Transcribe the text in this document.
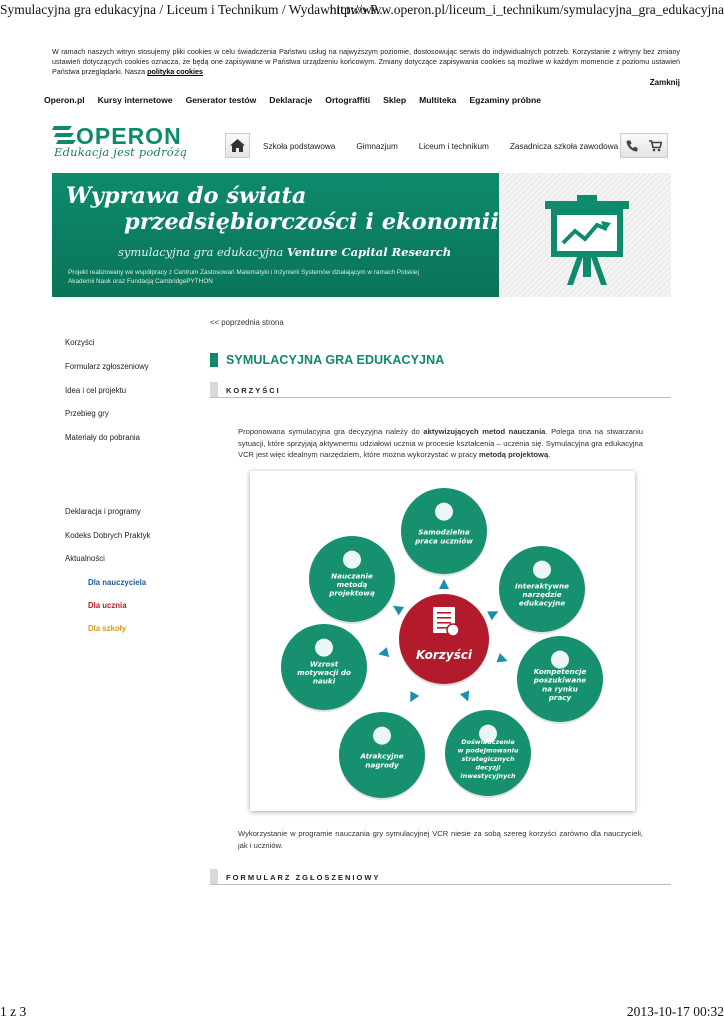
Symulacyjna gra edukacyjna / Liceum i Technikum / Wydawnictwo P...
http://www.operon.pl/liceum_i_technikum/symulacyjna_gra_edukacyjna
W ramach naszych witryn stosujemy pliki cookies w celu świadczenia Państwu usług na najwyższym poziomie, dostosowując serwis do indywidualnych potrzeb. Korzystanie z witryny bez zmiany ustawień dotyczących cookies oznacza, że będą one zapisywane w Państwa urządzeniu końcowym. Zmiany dotyczące zapisywania cookies są możliwe w każdym momencie z poziomu ustawień Państwa przeglądarki. Nasza polityka cookies
Zamknij
Operon.pl Kursy internetowe Generator testów Deklaracje Ortograffiti Sklep Multiteka Egzaminy próbne
OPERON
Edukacja jest podróżą	Szkoła podstawowa	Gimnazjum	Liceum i technikum	Zasadnicza szkoła zawodowa
Wyprawa do świata
przedsiębiorczości i ekonomii
symulacyjna gra edukacyjna Venture Capital Research
Projekt realizowany we współpracy z Centrum Zastosowań Matematyki i Inżynierii Systemów działającym w ramach Polskiej Akademii Nauk oraz Fundacją CambridgePYTHON
<< poprzednia strona
Korzyści
Formularz zgłoszeniowy
Idea i cel projektu
Przebieg gry
Materiały do pobrania
Deklaracja i programy
Kodeks Dobrych Praktyk
Aktualności
Dla nauczyciela
Dla ucznia
Dla szkoły
SYMULACYJNA GRA EDUKACYJNA
KORZYŚCI
Proponowana symulacyjna gra decyzyjna należy do aktywizujących metod nauczania. Polega ona na stwarzaniu sytuacji, które sprzyjają aktywnemu udziałowi ucznia w procesie kształcenia – uczenia się. Symulacyjna gra edukacyjna VCR jest więc idealnym narzędziem, które można wykorzystać w pracy metodą projektową.
Samodzielna
praca uczniów
Interaktywne
narzędzie
edukacyjne
Kompetencje
poszukiwane
na rynku
pracy
Doświadczenie
w podejmowaniu
strategicznych
decyzji
inwestycyjnych
Atrakcyjne
nagrody
Wzrost
motywacji do
nauki
Nauczanie
metodą
projektową
Korzyści
Wykorzystanie w programie nauczania gry symulacyjnej VCR niesie za sobą szereg korzyści zarówno dla nauczycieli, jak i uczniów.
FORMULARZ ZGŁOSZENIOWY
1 z 3	2013-10-17 00:32
